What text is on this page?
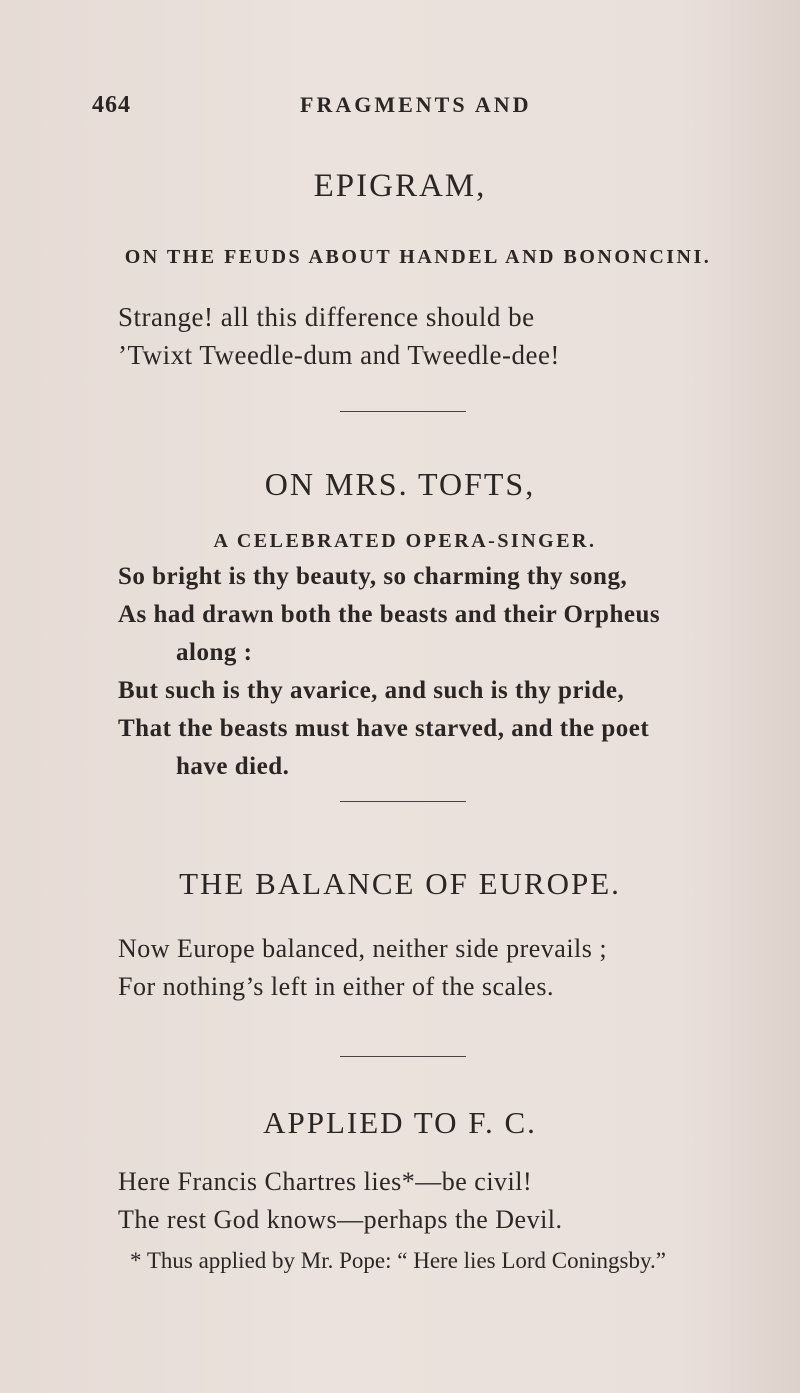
464	FRAGMENTS AND
EPIGRAM,
ON THE FEUDS ABOUT HANDEL AND BONONCINI.
Strange! all this difference should be
’Twixt Tweedle-dum and Tweedle-dee!
ON MRS. TOFTS,
A CELEBRATED OPERA-SINGER.
So bright is thy beauty, so charming thy song,
As had drawn both the beasts and their Orpheus
along :
But such is thy avarice, and such is thy pride,
That the beasts must have starved, and the poet
have died.
THE BALANCE OF EUROPE.
Now Europe balanced, neither side prevails ;
For nothing’s left in either of the scales.
APPLIED TO F. C.
Here Francis Chartres lies*—be civil!
The rest God knows—perhaps the Devil.
* Thus applied by Mr. Pope: “ Here lies Lord Coningsby.”
